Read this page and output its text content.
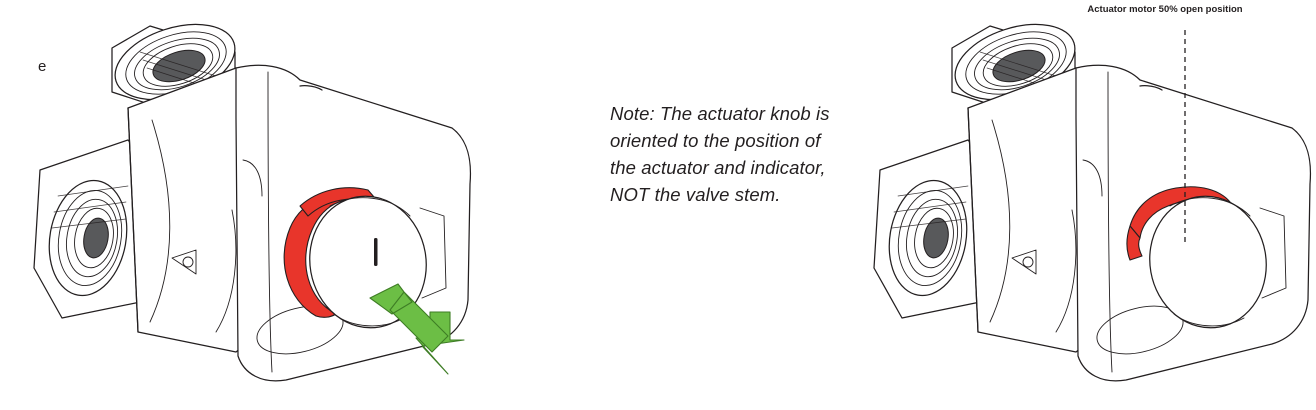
e
Note: The actuator knob is oriented to the position of the actuator and indicator, NOT the valve stem.
Actuator motor 50% open position
